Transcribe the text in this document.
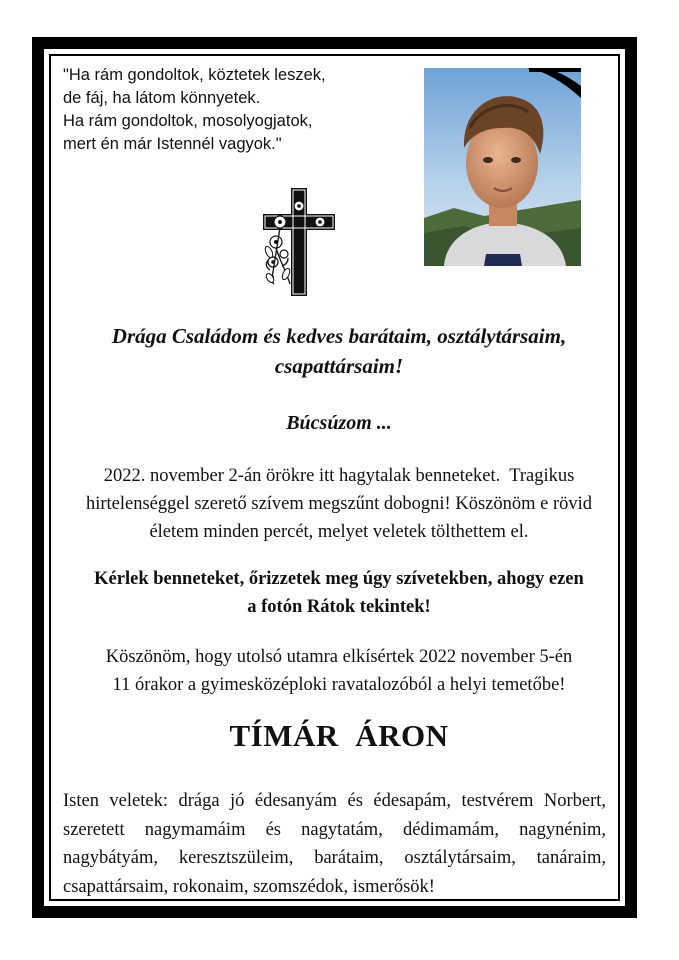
"Ha rám gondoltok, köztetek leszek,
de fáj, ha látom könnyetek.
Ha rám gondoltok, mosolyogjatok,
mert én már Istennél vagyok."
Drága Családom és kedves barátaim, osztálytársaim,
csapattársaim!
Búcsúzom ...
2022. november 2-án örökre itt hagytalak benneteket.  Tragikus
hirtelenséggel szerető szívem megszűnt dobogni! Köszönöm e rövid
életem minden percét, melyet veletek tölthettem el.
Kérlek benneteket, őrizzetek meg úgy szívetekben, ahogy ezen
a fotón Rátok tekintek!
Köszönöm, hogy utolsó utamra elkísértek 2022 november 5-én
11 órakor a gyimesközéploki ravatalozóból a helyi temetőbe!
TÍMÁR  ÁRON
Isten veletek: drága jó édesanyám és édesapám, testvérem Norbert,
szeretett nagymamáim és nagytatám, dédimamám, nagynénim,
nagybátyám, keresztszüleim, barátaim, osztálytársaim, tanáraim,
csapattársaim, rokonaim, szomszédok, ismerősök!
